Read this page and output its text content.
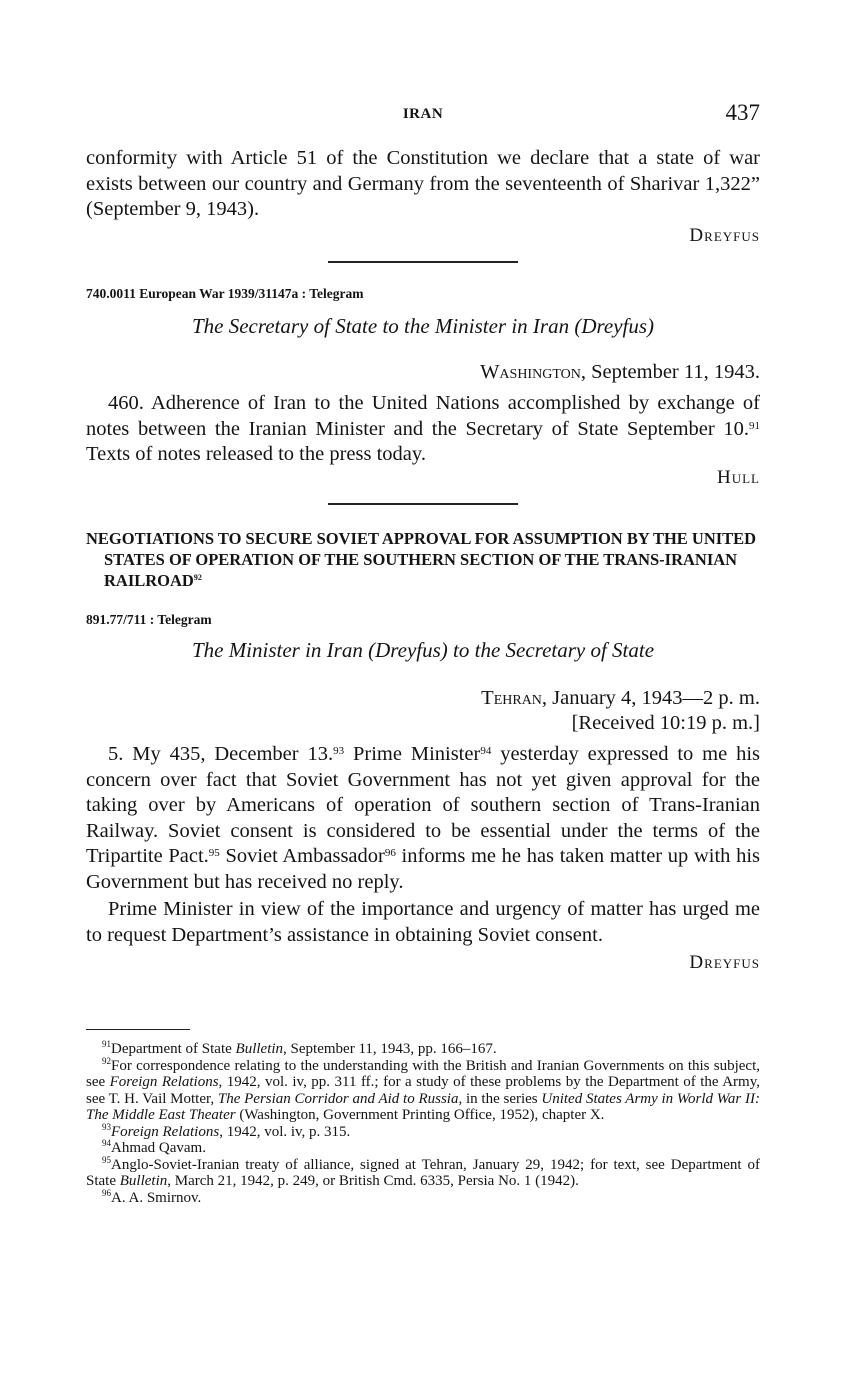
IRAN	437

conformity with Article 51 of the Constitution we declare that a state of war exists between our country and Germany from the seventeenth of Sharivar 1,322” (September 9, 1943).

Dreyfus
740.0011 European War 1939/31147a : Telegram
The Secretary of State to the Minister in Iran (Dreyfus)
Washington, September 11, 1943.

460. Adherence of Iran to the United Nations accomplished by exchange of notes between the Iranian Minister and the Secretary of State September 10.91 Texts of notes released to the press today.

Hull

NEGOTIATIONS TO SECURE SOVIET APPROVAL FOR ASSUMPTION BY THE UNITED STATES OF OPERATION OF THE SOUTHERN SECTION OF THE TRANS-IRANIAN RAILROAD$^{92}$

891.77/711 : Telegram
The Minister in Iran (Dreyfus) to the Secretary of State
Tehran, January 4, 1943—2 p. m.
[Received 10:19 p. m.]

5. My 435, December 13.93 Prime Minister$^{94}$ yesterday expressed to me his concern over fact that Soviet Government has not yet given approval for the taking over by Americans of operation of southern section of Trans-Iranian Railway. Soviet consent is considered to be essential under the terms of the Tripartite Pact.$^{95}$ Soviet Ambassador$^{96}$ informs me he has taken matter up with his Government but has received no reply.

Prime Minister in view of the importance and urgency of matter has urged me to request Department’s assistance in obtaining Soviet consent.

Dreyfus

$^{91}$Department of State Bulletin, September 11, 1943, pp. 166–167.

$^{92}$For correspondence relating to the understanding with the British and Iranian Governments on this subject, see Foreign Relations, 1942, vol. iv, pp. 311 ff.; for a study of these problems by the Department of the Army, see T. H. Vail Motter, The Persian Corridor and Aid to Russia, in the series United States Army in World War II: The Middle East Theater (Washington, Government Printing Office, 1952), chapter X.

$^{93}$Foreign Relations, 1942, vol. iv, p. 315.

$^{94}$Ahmad Qavam.

$^{95}$Anglo-Soviet-Iranian treaty of alliance, signed at Tehran, January 29, 1942; for text, see Department of State Bulletin, March 21, 1942, p. 249, or British Cmd. 6335, Persia No. 1 (1942).

$^{96}$A. A. Smirnov.
